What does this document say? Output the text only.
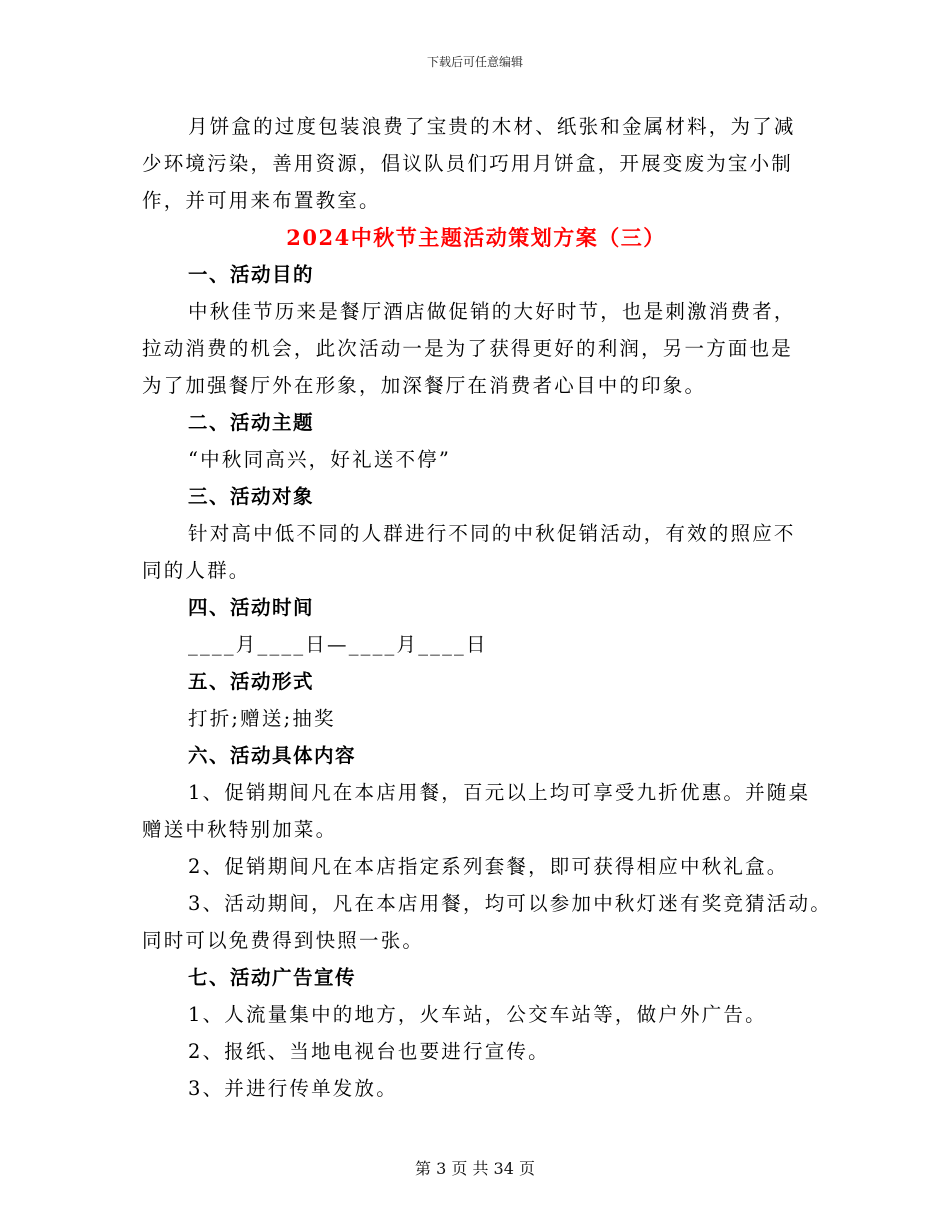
下载后可任意编辑
月饼盒的过度包装浪费了宝贵的木材、纸张和金属材料，为了减
少环境污染，善用资源，倡议队员们巧用月饼盒，开展变废为宝小制
作，并可用来布置教室。
2024中秋节主题活动策划方案（三）
一、活动目的
中秋佳节历来是餐厅酒店做促销的大好时节，也是刺激消费者，
拉动消费的机会，此次活动一是为了获得更好的利润，另一方面也是
为了加强餐厅外在形象，加深餐厅在消费者心目中的印象。
二、活动主题
“中秋同高兴，好礼送不停”
三、活动对象
针对高中低不同的人群进行不同的中秋促销活动，有效的照应不
同的人群。
四、活动时间
____月____日—____月____日
五、活动形式
打折;赠送;抽奖
六、活动具体内容
1、促销期间凡在本店用餐，百元以上均可享受九折优惠。并随桌
赠送中秋特别加菜。
2、促销期间凡在本店指定系列套餐，即可获得相应中秋礼盒。
3、活动期间，凡在本店用餐，均可以参加中秋灯迷有奖竞猜活动。
同时可以免费得到快照一张。
七、活动广告宣传
1、人流量集中的地方，火车站，公交车站等，做户外广告。
2、报纸、当地电视台也要进行宣传。
3、并进行传单发放。
第 3 页 共 34 页
